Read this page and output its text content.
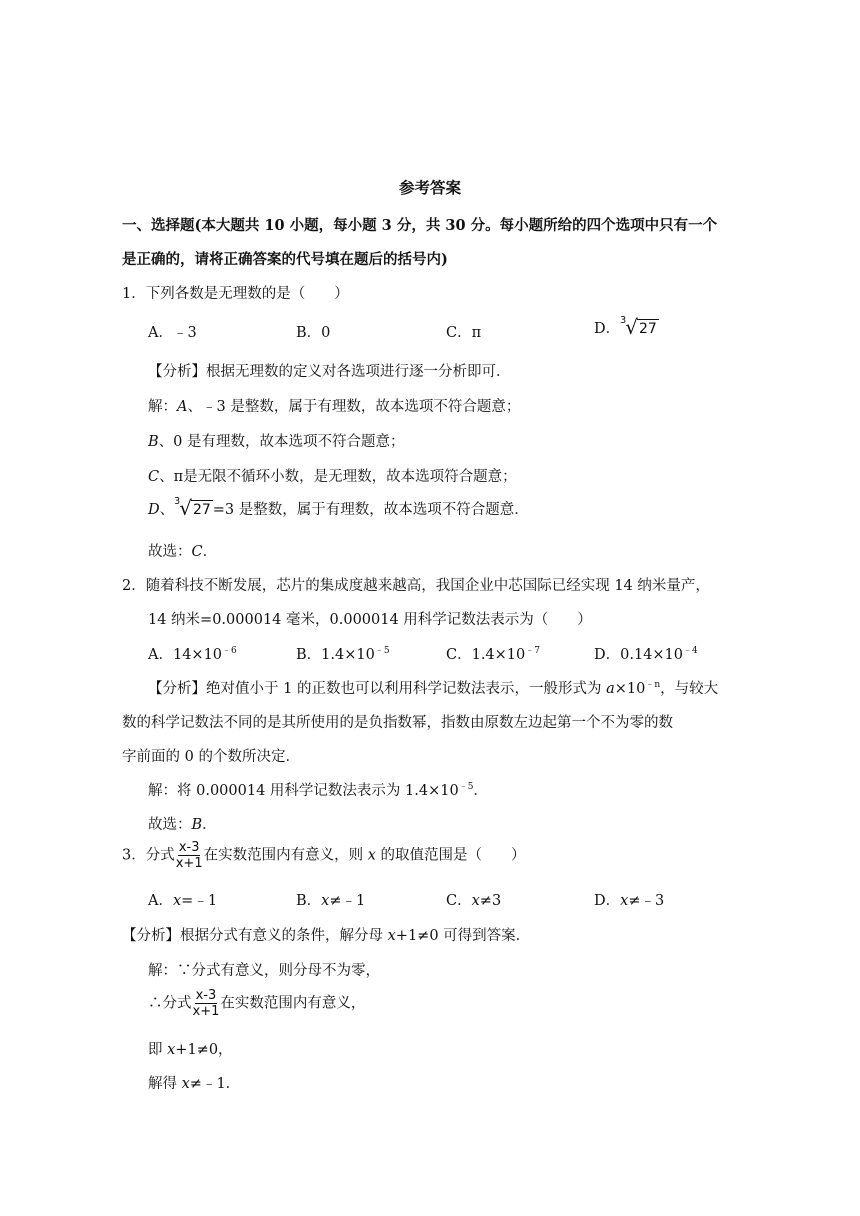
参考答案
一、选择题(本大题共 10 小题，每小题 3 分，共 30 分。每小题所给的四个选项中只有一个
是正确的，请将正确答案的代号填在题后的括号内)
1．下列各数是无理数的是（　　）
A．﹣3	B．0	C．π	D．
3 √ 27
【分析】根据无理数的定义对各选项进行逐一分析即可．
解：A、﹣3 是整数，属于有理数，故本选项不符合题意；
B、0 是有理数，故本选项不符合题意；
C、π是无限不循环小数，是无理数，故本选项符合题意；
D、
3 √ 27 =3 是整数，属于有理数，故本选项不符合题意．
故选：C．
2．随着科技不断发展，芯片的集成度越来越高，我国企业中芯国际已经实现 14 纳米量产，
14 纳米=0.000014 毫米，0.000014 用科学记数法表示为（　　）
A．$14\times 10^{﹣6}$	B．$1.4\times 10^{﹣5}$	C．$1.4\times 10^{﹣7}$	D．$0.14\times 10^{﹣4}$
【分析】绝对值小于 1 的正数也可以利用科学记数法表示，一般形式为 $a\times 10^{﹣n}$，与较大
数的科学记数法不同的是其所使用的是负指数幂，指数由原数左边起第一个不为零的数
字前面的 0 的个数所决定．
解：将 0.000014 用科学记数法表示为 $1.4\times 10^{﹣5}$．
故选：B．
3．分式 $\frac{x-3}{x+1}$ 在实数范围内有意义，则 x 的取值范围是（　　）
A．x=﹣1	B．x≠﹣1	C．x≠3	D．x≠﹣3
【分析】根据分式有意义的条件，解分母 x+1≠0 可得到答案．
解：∵分式有意义，则分母不为零，
∴分式 $\frac{x-3}{x+1}$ 在实数范围内有意义，
即 x+1≠0，
解得 x≠﹣1．
